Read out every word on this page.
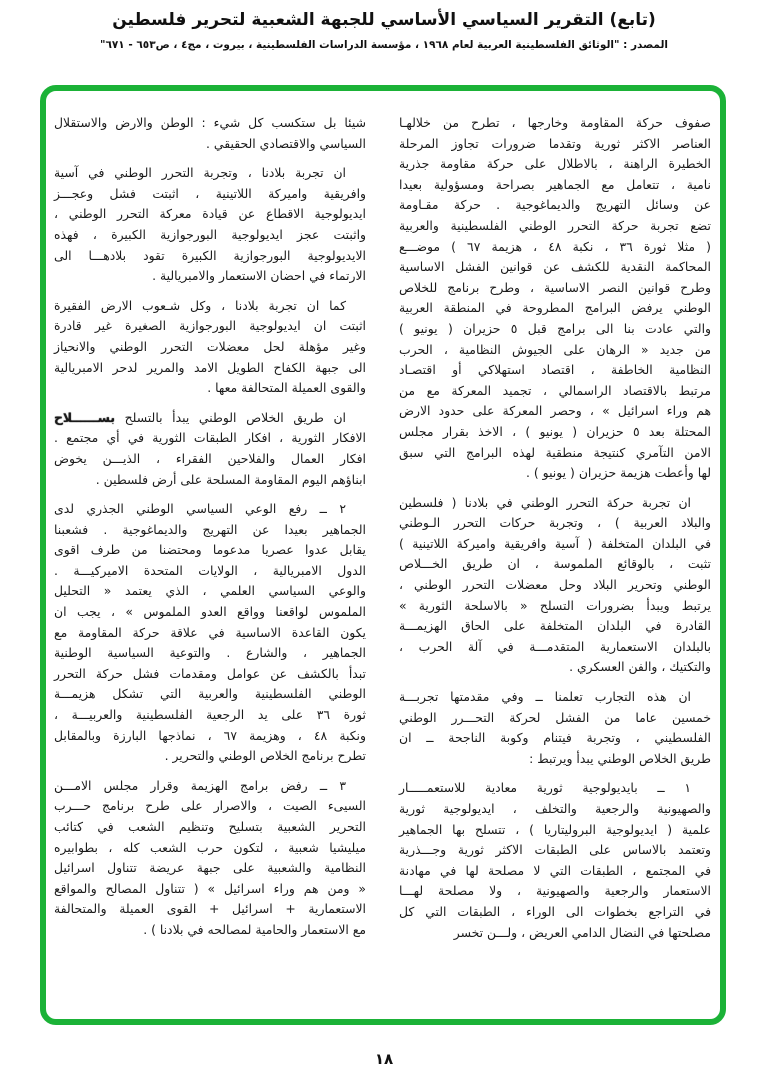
(تابع) التقرير السياسي الأساسي للجبهة الشعبية لتحرير فلسطين
المصدر : "الوثائق الفلسطينية العربية لعام ١٩٦٨ ، مؤسسة الدراسات الفلسطينية ، بيروت ، مج٤ ، ص٦٥٣ - ٦٧١"
صفوف حركة المقاومة وخارجها ، تطرح من خلالهـا
العناصر الاكثر ثورية وتقدما ضرورات تجاوز المرحلة
الخطيرة الراهنة ، بالاطلال على حركة مقاومة جذرية
نامية ، تتعامل مع الجماهير بصراحة ومسؤولية بعيدا
عن وسائل التهريج والديماغوجية . حركة مقـاومة
تضع تجربة حركة التحرر الوطني الفلسطينية والعربية
( مثلا ثورة ٣٦ ، نكبة ٤٨ ، هزيمة ٦٧ ) موضـــع
المحاكمة النقدية للكشف عن قوانين الفشل الاساسية
وطرح قوانين النصر الاساسية ، وطرح برنامج للخلاص
الوطني يرفض البرامج المطروحة في المنطقة العربية
والتي عادت بنا الى برامج قبل ٥ حزيران ( يونيو )
من جديد « الرهان على الجيوش النظامية ، الحرب
النظامية الخاطفة ، اقتصاد استهلاكي أو اقتصـاد
مرتبط بالاقتصاد الراسمالي ، تجميد المعركة مع من
هم وراء اسرائيل » ، وحصر المعركة على حدود الارض
المحتلة بعد ٥ حزيران ( يونيو ) ، الاخذ بقرار مجلس
الامن التآمري كنتيجة منطقية لهذه البرامج التي سبق
لها وأعطت هزيمة حزيران ( يونيو ) .
ان تجربة حركة التحرر الوطني في بلادنا ( فلسطين
والبلاد العربية ) ، وتجربة حركات التحرر الـوطني
في البلدان المتخلفة ( آسية وافريقية واميركة اللاتينية )
تثبت ، بالوقائع الملموسة ، ان طريق الخـــلاص
الوطني وتحرير البلاد وحل معضلات التحرر الوطني ،
يرتبط ويبدأ بضرورات التسلح « بالاسلحة الثورية »
القادرة في البلدان المتخلفة على الحاق الهزيمـــة
بالبلدان الاستعمارية المتقدمـــة في آلة الحرب ،
والتكتيك ، والفن العسكري .
ان هذه التجارب تعلمنا ــ وفي مقدمتها تجربـــة
خمسين عاما من الفشل لحركة التحـــرر الوطني
الفلسطيني ، وتجربة فيتنام وكوبة الناجحة ــ ان
طريق الخلاص الوطني يبدأ ويرتبط :
١ ــ بايديولوجية ثورية معادية للاستعمـــــار
والصهيونية والرجعية والتخلف ، ايديولوجية ثورية
علمية ( ايديولوجية البروليتاريا ) ، تتسلح بها الجماهير
وتعتمد بالاساس على الطبقات الاكثر ثورية وجـــذرية
في المجتمع ، الطبقات التي لا مصلحة لها في مهادنة
الاستعمار والرجعية والصهيونية ، ولا مصلحة لهـــا
في التراجع بخطوات الى الوراء ، الطبقات التي كل
مصلحتها في النضال الدامي العريض ، ولـــن تخسر
شيئا بل ستكسب كل شيء : الوطن والارض والاستقلال
السياسي والاقتصادي الحقيقي .
ان تجربة بلادنا ، وتجربة التحرر الوطني في آسية
وافريقية واميركة اللاتينية ، اثبتت فشل وعجـــز
ايديولوجية الاقطاع عن قيادة معركة التحرر الوطني ،
واثبتت عجز ايديولوجية البورجوازية الكبيرة ، فهذه
الايديولوجية البورجوازية الكبيرة تقود بلادهـــا الى
الارتماء في احضان الاستعمار والامبريالية .
كما ان تجربة بلادنا ، وكل شـعوب الارض الفقيرة
اثبتت ان ايديولوجية البورجوازية الصغيرة غير قادرة
وغير مؤهلة لحل معضلات التحرر الوطني والانحياز
الى جبهة الكفاح الطويل الامد والمرير لدحر الامبريالية
والقوى العميلة المتحالفة معها .
ان طريق الخلاص الوطني يبدأ بالتسلح بســــــلاح
الافكار الثورية ، افكار الطبقات الثورية في أي مجتمع .
افكار العمال والفلاحين الفقراء ، الذيـــن يخوض
ابناؤهم اليوم المقاومة المسلحة على أرض فلسطين .
٢ ــ رفع الوعي السياسي الوطني الجذري لدى
الجماهير بعيدا عن التهريج والديماغوجية . فشعبنا
يقابل عدوا عصريا مدعوما ومحتضنا من طرف اقوى
الدول الامبريالية ، الولايات المتحدة الاميركيـــة .
والوعي السياسي العلمي ، الذي يعتمد « التحليل
الملموس لواقعنا وواقع العدو الملموس » ، يجب ان
يكون القاعدة الاساسية في علاقة حركة المقاومة مع
الجماهير ، والشارع . والتوعية السياسية الوطنية
تبدأ بالكشف عن عوامل ومقدمات فشل حركة التحرر
الوطني الفلسطينية والعربية التي تشكل هزيمـــة
ثورة ٣٦ على يد الرجعية الفلسطينية والعربيـــة ،
ونكبة ٤٨ ، وهزيمة ٦٧ ، نماذجها البارزة وبالمقابل
تطرح برنامج الخلاص الوطني والتحرير .
٣ ــ رفض برامج الهزيمة وقرار مجلس الامـــن
السيىء الصيت ، والاصرار على طرح برنامج حـــرب
التحرير الشعبية بتسليح وتنظيم الشعب في كتائب
ميليشيا شعبية ، لتكون حرب الشعب كله ، بطوابيره
النظامية والشعبية على جبهة عريضة تتناول اسرائيل
« ومن هم وراء اسرائيل » ( تتناول المصالح والمواقع
الاستعمارية + اسرائيل + القوى العميلة والمتحالفة
مع الاستعمار والحامية لمصالحه في بلادنا ) .
١٨
